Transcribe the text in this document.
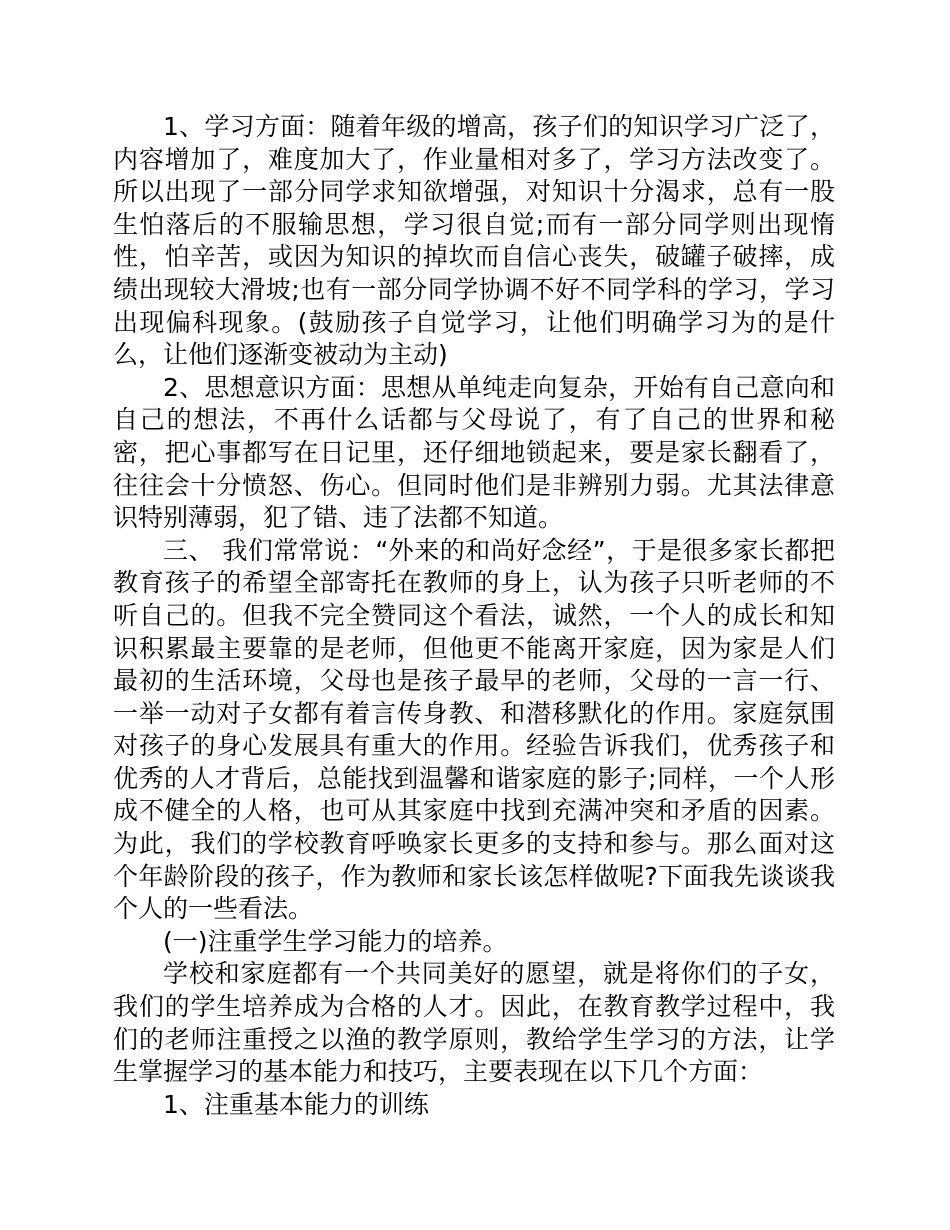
1、学习方面：随着年级的增高，孩子们的知识学习广泛了，内容增加了，难度加大了，作业量相对多了，学习方法改变了。所以出现了一部分同学求知欲增强，对知识十分渴求，总有一股生怕落后的不服输思想，学习很自觉;而有一部分同学则出现惰性，怕辛苦，或因为知识的掉坎而自信心丧失，破罐子破摔，成绩出现较大滑坡;也有一部分同学协调不好不同学科的学习，学习出现偏科现象。(鼓励孩子自觉学习，让他们明确学习为的是什么，让他们逐渐变被动为主动)

2、思想意识方面：思想从单纯走向复杂，开始有自己意向和自己的想法，不再什么话都与父母说了，有了自己的世界和秘密，把心事都写在日记里，还仔细地锁起来，要是家长翻看了，往往会十分愤怒、伤心。但同时他们是非辨别力弱。尤其法律意识特别薄弱，犯了错、违了法都不知道。

三、 我们常常说：“外来的和尚好念经”，于是很多家长都把教育孩子的希望全部寄托在教师的身上，认为孩子只听老师的不听自己的。但我不完全赞同这个看法，诚然，一个人的成长和知识积累最主要靠的是老师，但他更不能离开家庭，因为家是人们最初的生活环境，父母也是孩子最早的老师，父母的一言一行、一举一动对子女都有着言传身教、和潜移默化的作用。家庭氛围对孩子的身心发展具有重大的作用。经验告诉我们，优秀孩子和优秀的人才背后，总能找到温馨和谐家庭的影子;同样，一个人形成不健全的人格，也可从其家庭中找到充满冲突和矛盾的因素。为此，我们的学校教育呼唤家长更多的支持和参与。那么面对这个年龄阶段的孩子，作为教师和家长该怎样做呢?下面我先谈谈我个人的一些看法。

(一)注重学生学习能力的培养。

学校和家庭都有一个共同美好的愿望，就是将你们的子女，我们的学生培养成为合格的人才。因此，在教育教学过程中，我们的老师注重授之以渔的教学原则，教给学生学习的方法，让学生掌握学习的基本能力和技巧，主要表现在以下几个方面：

1、注重基本能力的训练
